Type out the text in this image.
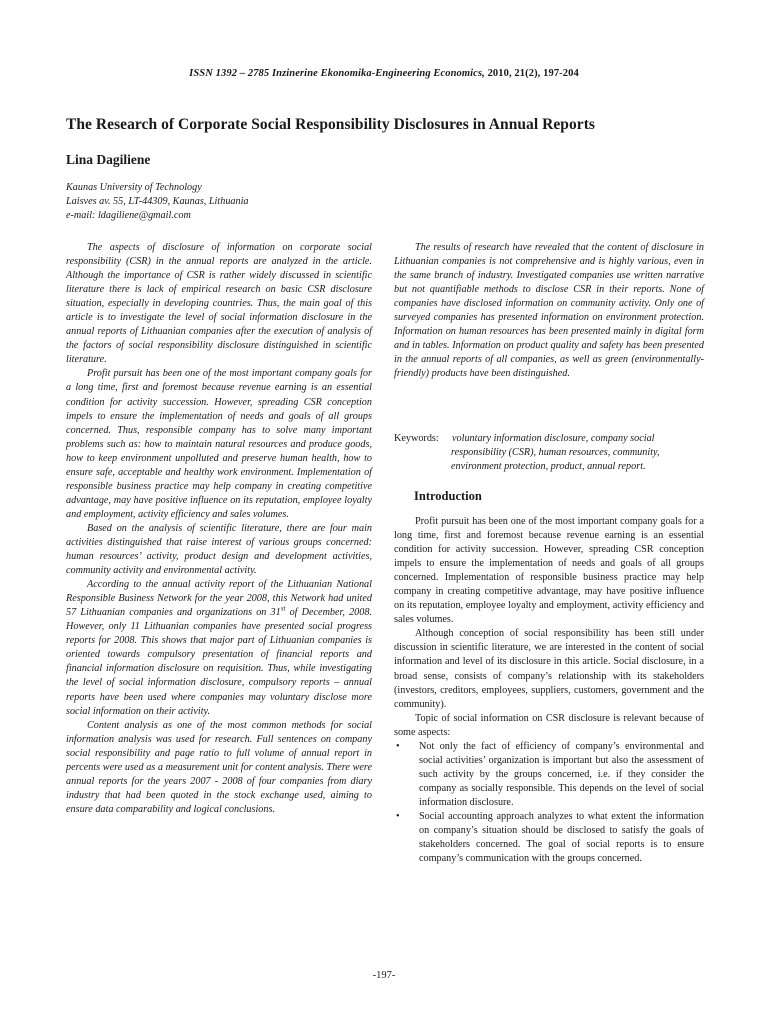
ISSN 1392 – 2785 Inzinerine Ekonomika-Engineering Economics, 2010, 21(2), 197-204
The Research of Corporate Social Responsibility Disclosures in Annual Reports
Lina Dagiliene
Kaunas University of Technology
Laisves av. 55, LT-44309, Kaunas, Lithuania
e-mail: ldagiliene@gmail.com

The aspects of disclosure of information on corporate social responsibility (CSR) in the annual reports are analyzed in the article. Although the importance of CSR is rather widely discussed in scientific literature there is lack of empirical research on basic CSR disclosure situation, especially in developing countries. Thus, the main goal of this article is to investigate the level of social information disclosure in the annual reports of Lithuanian companies after the execution of analysis of the factors of social responsibility disclosure distinguished in scientific literature.

Profit pursuit has been one of the most important company goals for a long time, first and foremost because revenue earning is an essential condition for activity succession. However, spreading CSR conception impels to ensure the implementation of needs and goals of all groups concerned. Thus, responsible company has to solve many important problems such as: how to maintain natural resources and produce goods, how to keep environment unpolluted and preserve human health, how to ensure safe, acceptable and healthy work environment. Implementation of responsible business practice may help company in creating competitive advantage, may have positive influence on its reputation, employee loyalty and employment, activity efficiency and sales volumes.

Based on the analysis of scientific literature, there are four main activities distinguished that raise interest of various groups concerned: human resources’ activity, product design and development activities, community activity and environmental activity.

According to the annual activity report of the Lithuanian National Responsible Business Network for the year 2008, this Network had united 57 Lithuanian companies and organizations on 31st of December, 2008. However, only 11 Lithuanian companies have presented social progress reports for 2008. This shows that major part of Lithuanian companies is oriented towards compulsory presentation of financial reports and financial information disclosure on requisition. Thus, while investigating the level of social information disclosure, compulsory reports – annual reports have been used where companies may voluntary disclose more social information on their activity.

Content analysis as one of the most common methods for social information analysis was used for research. Full sentences on company social responsibility and page ratio to full volume of annual report in percents were used as a measurement unit for content analysis. There were annual reports for the years 2007 - 2008 of four companies from diary industry that had been quoted in the stock exchange used, aiming to ensure data comparability and logical conclusions.

The results of research have revealed that the content of disclosure in Lithuanian companies is not comprehensive and is highly various, even in the same branch of industry. Investigated companies use written narrative but not quantifiable methods to disclose CSR in their reports. None of companies have disclosed information on community activity. Only one of surveyed companies has presented information on environment protection. Information on human resources has been presented mainly in digital form and in tables. Information on product quality and safety has been presented in the annual reports of all companies, as well as green (environmentally-friendly) products have been distinguished.

Keywords:	voluntary information disclosure, company social
responsibility (CSR), human resources, community,
environment protection, product, annual report.
Introduction

Profit pursuit has been one of the most important company goals for a long time, first and foremost because revenue earning is an essential condition for activity succession. However, spreading CSR conception impels to ensure the implementation of needs and goals of all groups concerned. Implementation of responsible business practice may help company in creating competitive advantage, may have positive influence on its reputation, employee loyalty and employment, activity efficiency and sales volumes.

Although conception of social responsibility has been still under discussion in scientific literature, we are interested in the content of social information and level of its disclosure in this article. Social disclosure, in a broad sense, consists of company’s relationship with its stakeholders (investors, creditors, employees, suppliers, customers, government and the community).

Topic of social information on CSR disclosure is relevant because of some aspects:

• Not only the fact of efficiency of company’s environmental and social activities’ organization is important but also the assessment of such activity by the groups concerned, i.e. if they consider the company as socially responsible. This depends on the level of social information disclosure.
• Social accounting approach analyzes to what extent the information on company’s situation should be disclosed to satisfy the goals of stakeholders concerned. The goal of social reports is to ensure company’s communication with the groups concerned.
-197-
